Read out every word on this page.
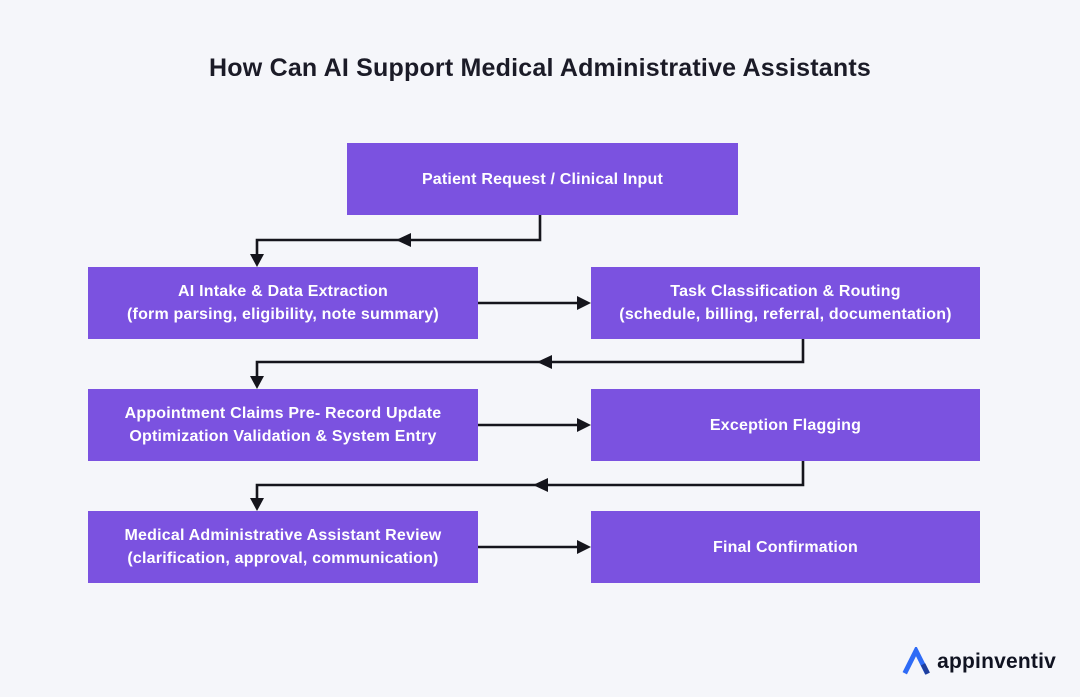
How Can AI Support Medical Administrative Assistants
Patient Request / Clinical Input
AI Intake & Data Extraction
(form parsing, eligibility, note summary)
Task Classification & Routing
(schedule, billing, referral, documentation)
Appointment Claims Pre- Record Update
Optimization Validation & System Entry
Exception Flagging
Medical Administrative Assistant Review
(clarification, approval, communication)
Final Confirmation
appinventiv
